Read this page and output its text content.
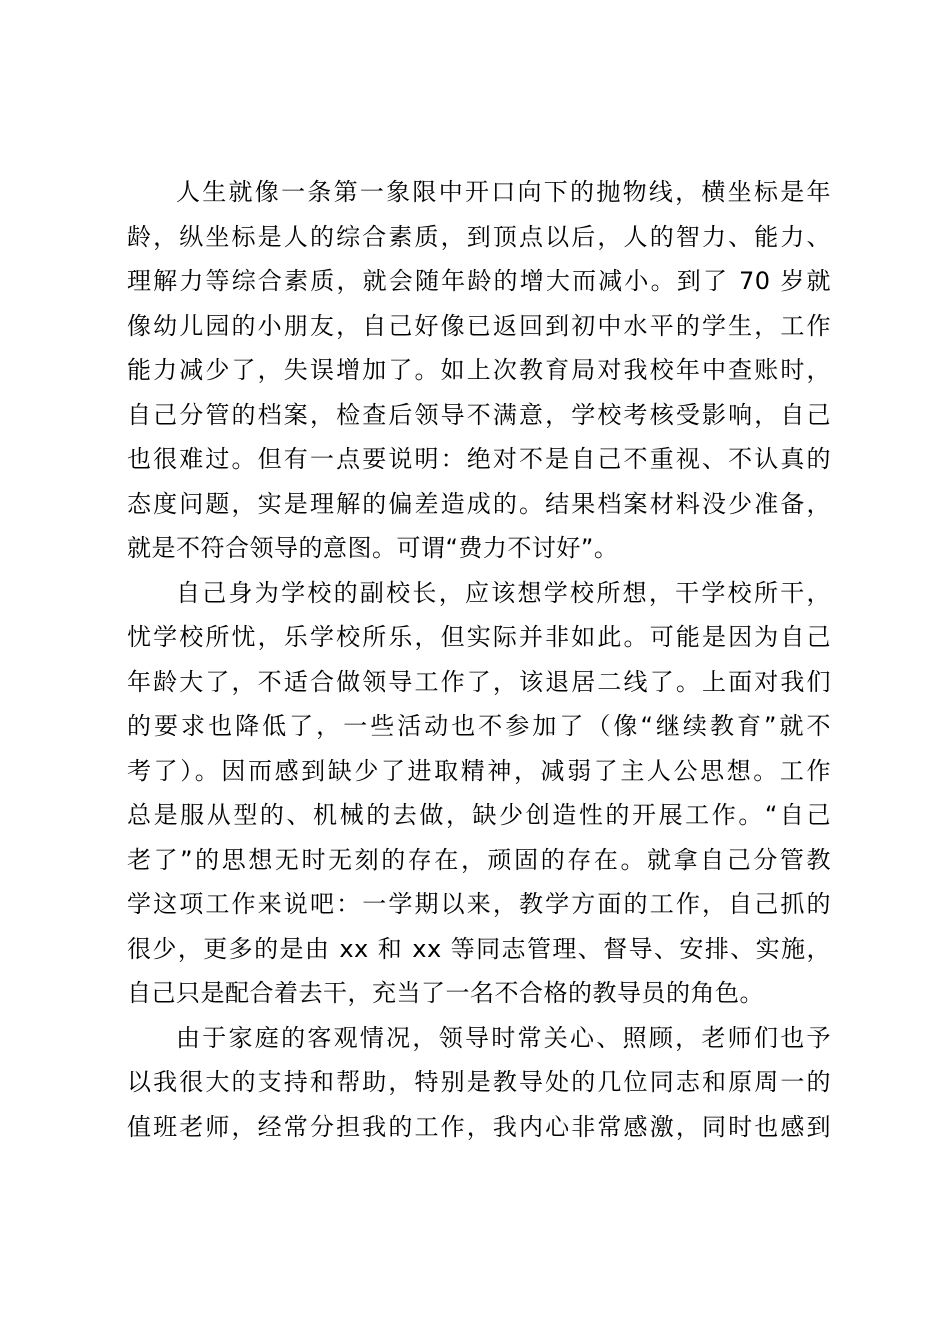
人生就像一条第一象限中开口向下的抛物线，横坐标是年
龄，纵坐标是人的综合素质，到顶点以后，人的智力、能力、
理解力等综合素质，就会随年龄的增大而减小。到了 70 岁就
像幼儿园的小朋友，自己好像已返回到初中水平的学生，工作
能力减少了，失误增加了。如上次教育局对我校年中查账时，
自己分管的档案，检查后领导不满意，学校考核受影响，自己
也很难过。但有一点要说明：绝对不是自己不重视、不认真的
态度问题，实是理解的偏差造成的。结果档案材料没少准备，
就是不符合领导的意图。可谓“费力不讨好”。
自己身为学校的副校长，应该想学校所想，干学校所干，
忧学校所忧，乐学校所乐，但实际并非如此。可能是因为自己
年龄大了，不适合做领导工作了，该退居二线了。上面对我们
的要求也降低了，一些活动也不参加了（像“继续教育”就不
考了）。因而感到缺少了进取精神，减弱了主人公思想。工作
总是服从型的、机械的去做，缺少创造性的开展工作。“自己
老了”的思想无时无刻的存在，顽固的存在。就拿自己分管教
学这项工作来说吧：一学期以来，教学方面的工作，自己抓的
很少，更多的是由 xx 和 xx 等同志管理、督导、安排、实施，
自己只是配合着去干，充当了一名不合格的教导员的角色。
由于家庭的客观情况，领导时常关心、照顾，老师们也予
以我很大的支持和帮助，特别是教导处的几位同志和原周一的
值班老师，经常分担我的工作，我内心非常感激，同时也感到
